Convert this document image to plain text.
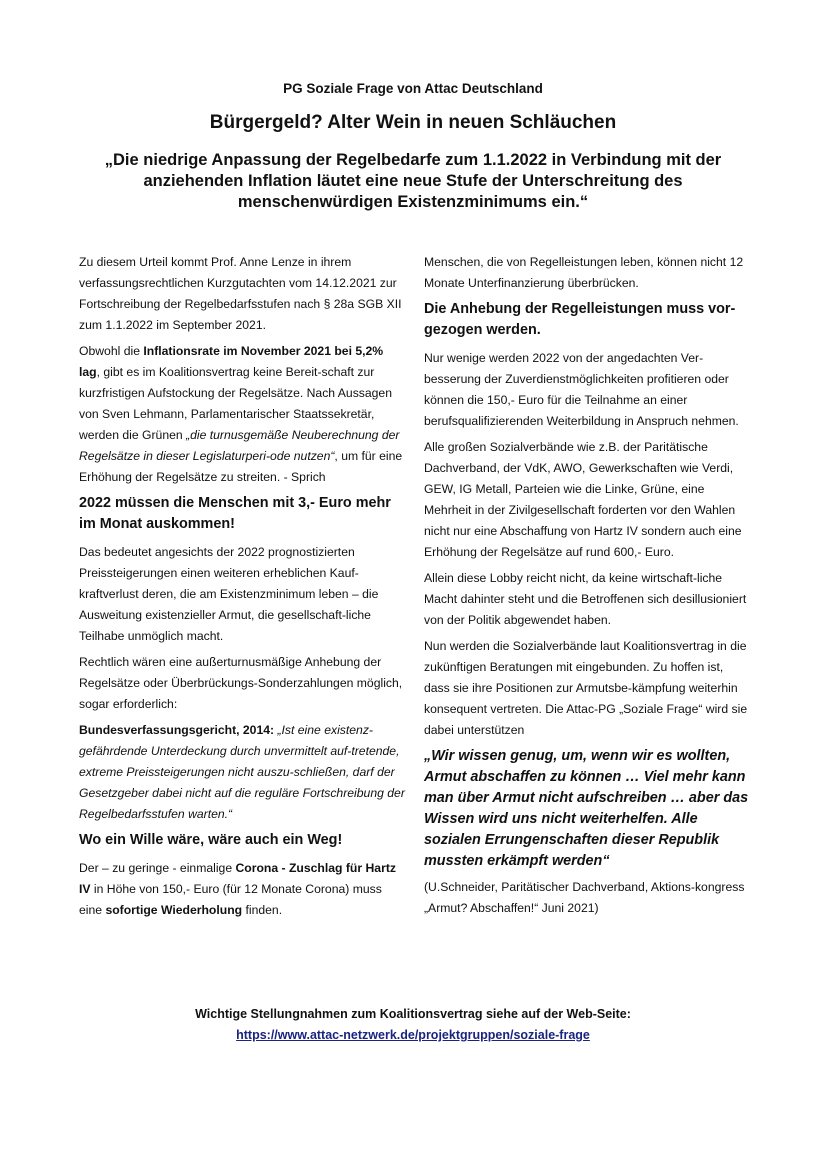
PG Soziale Frage von Attac Deutschland
Bürgergeld? Alter Wein in neuen Schläuchen
„Die niedrige Anpassung der Regelbedarfe zum 1.1.2022 in Verbindung mit der anziehenden Inflation läutet eine neue Stufe der Unterschreitung des menschenwürdigen Existenzminimums ein.“

Zu diesem Urteil kommt Prof. Anne Lenze in ihrem verfassungsrechtlichen Kurzgutachten vom 14.12.2021 zur Fortschreibung der Regelbedarfsstufen nach § 28a SGB XII zum 1.1.2022 im September 2021.

Obwohl die Inflationsrate im November 2021 bei 5,2% lag, gibt es im Koalitionsvertrag keine Bereit-schaft zur kurzfristigen Aufstockung der Regelsätze. Nach Aussagen von Sven Lehmann, Parlamentarischer Staatssekretär, werden die Grünen „die turnusgemäße Neuberechnung der Regelsätze in dieser Legislaturperi-ode nutzen“, um für eine Erhöhung der Regelsätze zu streiten. - Sprich

2022 müssen die Menschen mit 3,- Euro mehr im Monat auskommen!

Das bedeutet angesichts der 2022 prognostizierten Preissteigerungen einen weiteren erheblichen Kauf-kraftverlust deren, die am Existenzminimum leben – die Ausweitung existenzieller Armut, die gesellschaft-liche Teilhabe unmöglich macht.

Rechtlich wären eine außerturnusmäßige Anhebung der Regelsätze oder Überbrückungs-Sonderzahlungen möglich, sogar erforderlich:

Bundesverfassungsgericht, 2014: „Ist eine existenz-gefährdende Unterdeckung durch unvermittelt auf-tretende, extreme Preissteigerungen nicht auszu-schließen, darf der Gesetzgeber dabei nicht auf die reguläre Fortschreibung der Regelbedarfsstufen warten.“

Wo ein Wille wäre, wäre auch ein Weg!

Der – zu geringe - einmalige Corona - Zuschlag für Hartz IV in Höhe von 150,- Euro (für 12 Monate Corona) muss eine sofortige Wiederholung finden.

Menschen, die von Regelleistungen leben, können nicht 12 Monate Unterfinanzierung überbrücken.

Die Anhebung der Regelleistungen muss vor-gezogen werden.

Nur wenige werden 2022 von der angedachten Ver-besserung der Zuverdienstmöglichkeiten profitieren oder können die 150,- Euro für die Teilnahme an einer berufsqualifizierenden Weiterbildung in Anspruch nehmen.

Alle großen Sozialverbände wie z.B. der Paritätische Dachverband, der VdK, AWO, Gewerkschaften wie Verdi, GEW, IG Metall, Parteien wie die Linke, Grüne, eine Mehrheit in der Zivilgesellschaft forderten vor den Wahlen nicht nur eine Abschaffung von Hartz IV sondern auch eine Erhöhung der Regelsätze auf rund 600,- Euro.

Allein diese Lobby reicht nicht, da keine wirtschaft-liche Macht dahinter steht und die Betroffenen sich desillusioniert von der Politik abgewendet haben.

Nun werden die Sozialverbände laut Koalitionsvertrag in die zukünftigen Beratungen mit eingebunden. Zu hoffen ist, dass sie ihre Positionen zur Armutsbe-kämpfung weiterhin konsequent vertreten. Die Attac-PG „Soziale Frage“ wird sie dabei unterstützen

„Wir wissen genug, um, wenn wir es wollten, Armut abschaffen zu können … Viel mehr kann man über Armut nicht aufschreiben … aber das Wissen wird uns nicht weiterhelfen. Alle sozialen Errungenschaften dieser Republik mussten erkämpft werden“

(U.Schneider, Paritätischer Dachverband, Aktions-kongress „Armut? Abschaffen!“ Juni 2021)

Wichtige Stellungnahmen zum Koalitionsvertrag siehe auf der Web-Seite:
https://www.attac-netzwerk.de/projektgruppen/soziale-frage
